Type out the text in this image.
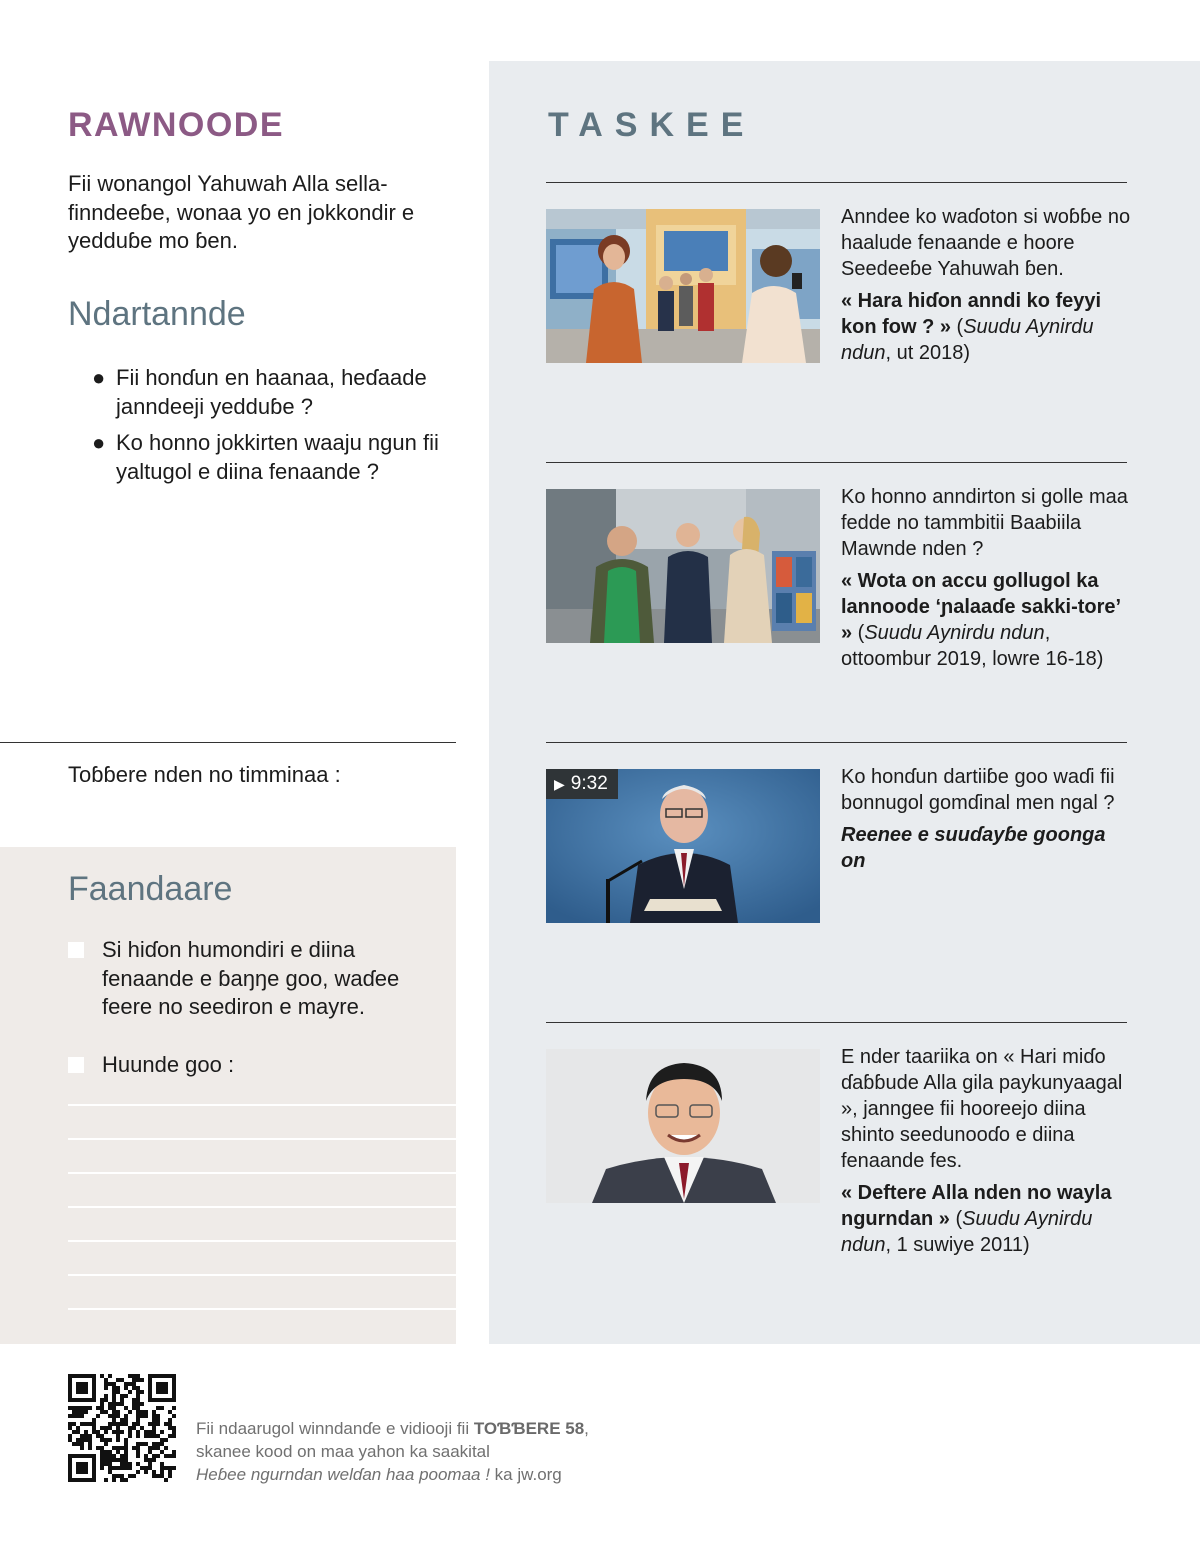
RAWNOODE

Fii wonangol Yahuwah Alla sella-finndeeɓe, wonaa yo en jokkondir e yedduɓe mo ɓen.

Ndartannde
● Fii honɗun en haanaa, heɗaade janndeeji yedduɓe ?
● Ko honno jokkirten waaju ngun fii yaltugol e diina fenaande ?

Toɓɓere nden no timminaa :

Faandaare
Si hiɗon humondiri e diina fenaande e ɓaŋŋe goo, waɗee feere no seediron e mayre.
Huunde goo :
TASKEE

Anndee ko waɗoton si woɓɓe no haalude fenaande e hoore Seedeeɓe Yahuwah ɓen.

« Hara hiɗon anndi ko feyyi kon fow ? » (Suudu Aynirdu ndun, ut 2018)

Ko honno anndirton si golle maa fedde no tammbitii Baabiila Mawnde nden ?

« Wota on accu gollugol ka lannoode ‘ɲalaaɗe sakki-tore’ » (Suudu Aynirdu ndun, ottoombur 2019, lowre 16-18)

▶ 9:32	Ko honɗun dartiiɓe goo waɗi fii bonnugol gomɗinal men ngal ?

Reenee e suuɗayɓe goonga on

E nder taariika on « Hari miɗo ɗaɓɓude Alla gila paykunyaagal », janngee fii hooreejo diina shinto seedunooɗo e diina fenaande fes.

« Deftere Alla nden no wayla ngurndan » (Suudu Aynirdu ndun, 1 suwiye 2011)

Fii ndaarugol winndanɗe e vidiooji fii TOƁƁERE 58,

skanee kood on maa yahon ka saakital

Heɓee ngurndan welɗan haa poomaa ! ka jw.org
